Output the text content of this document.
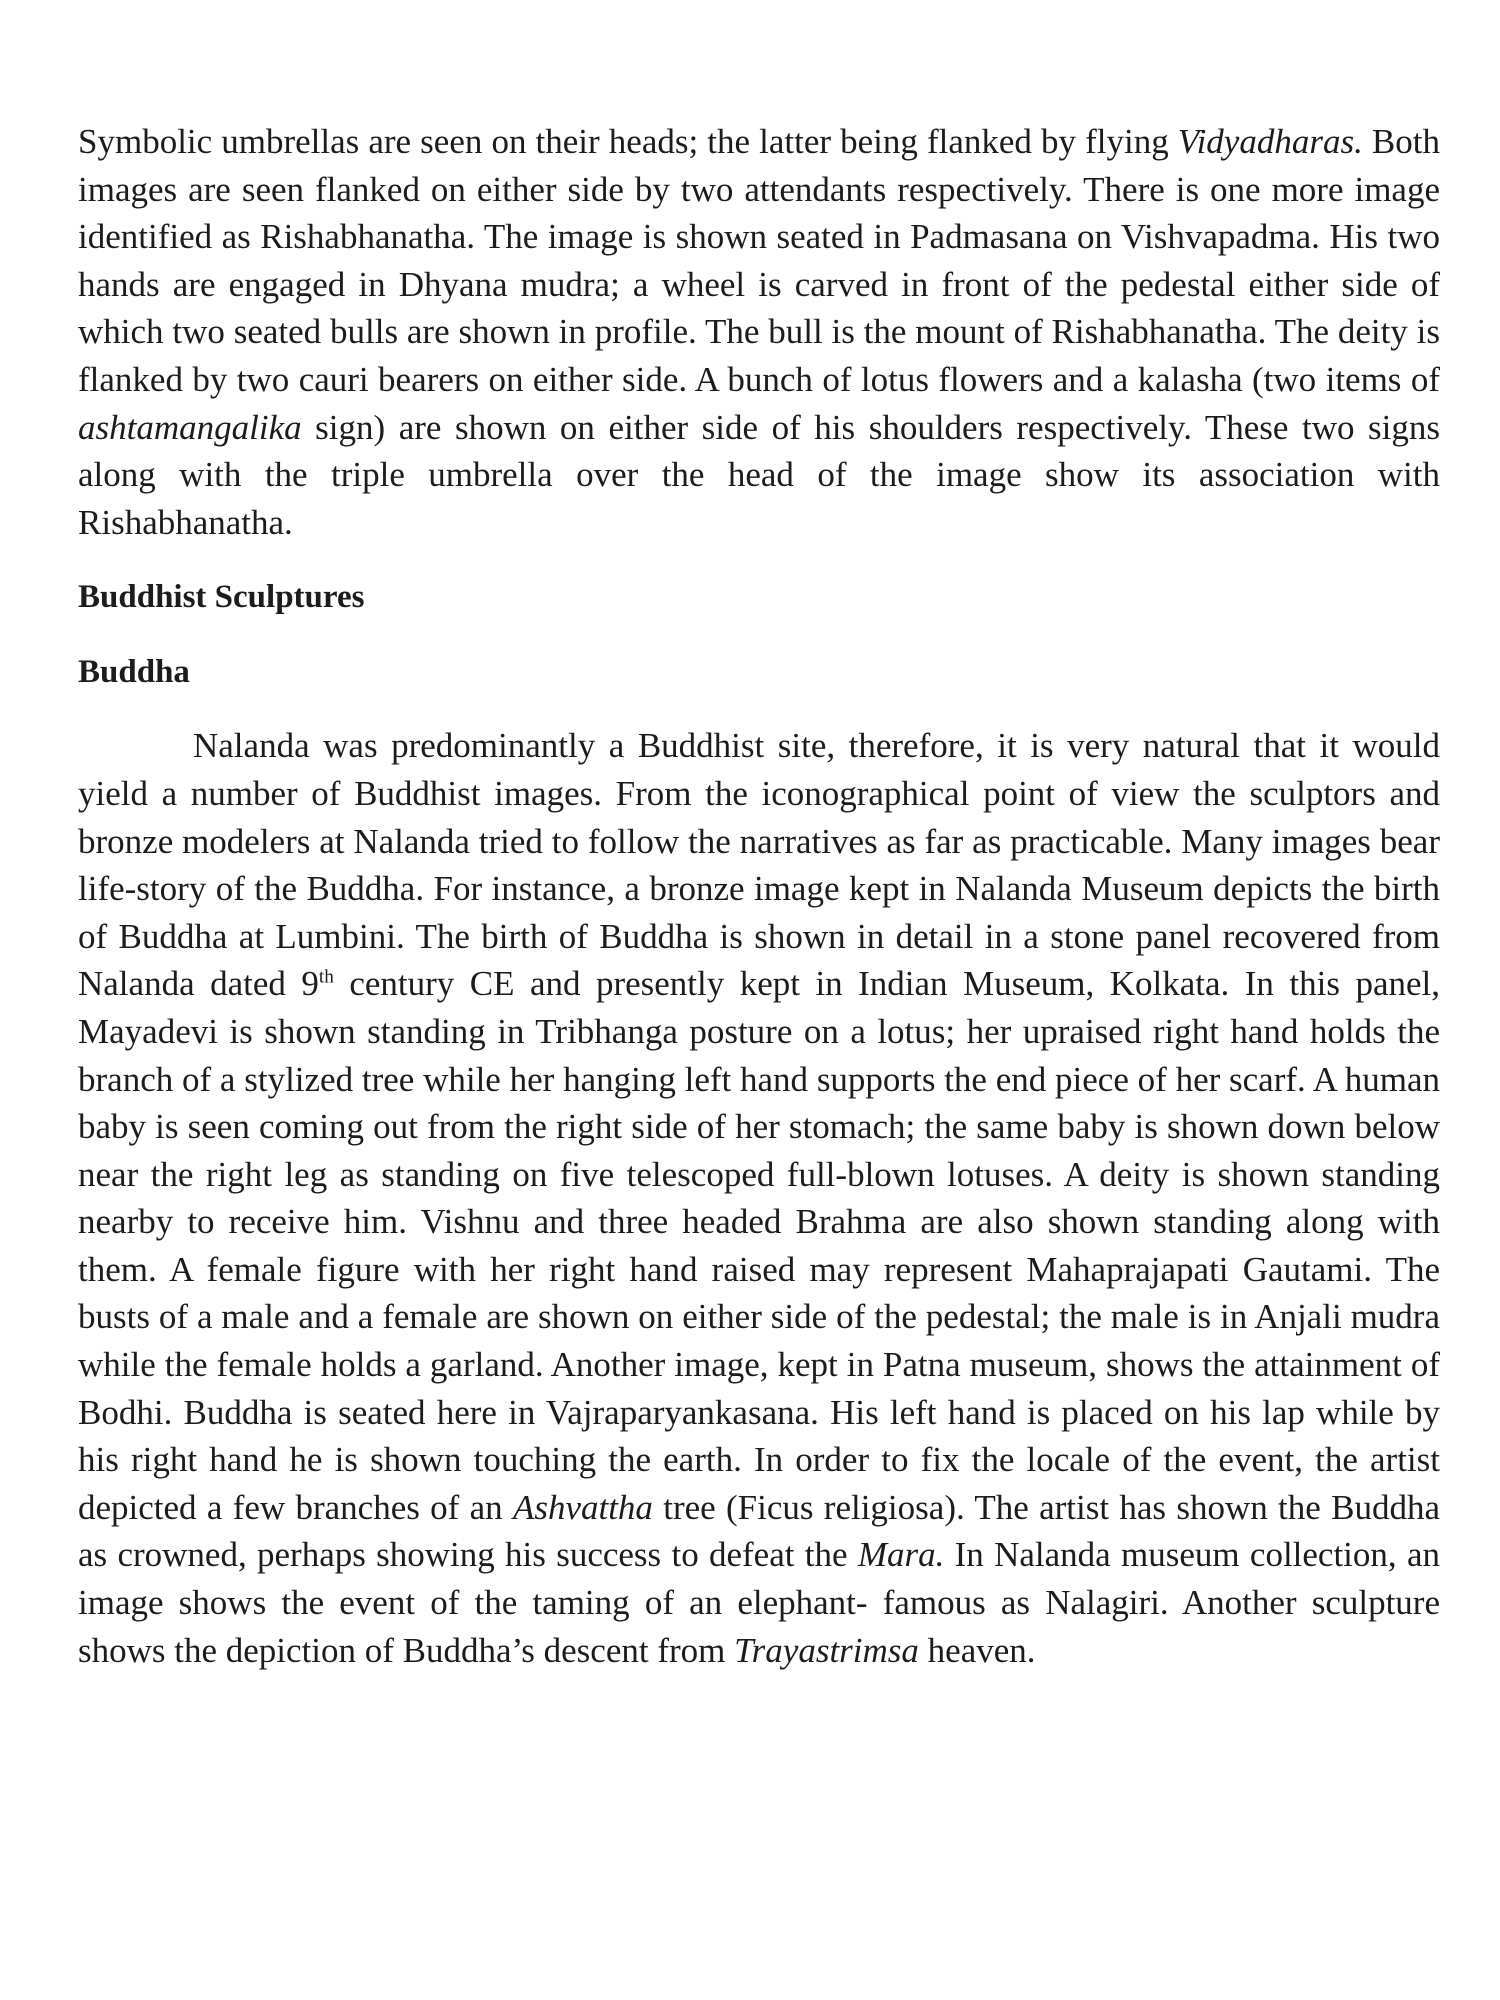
Symbolic umbrellas are seen on their heads; the latter being flanked by flying Vidyadharas. Both images are seen flanked on either side by two attendants respectively. There is one more image identified as Rishabhanatha. The image is shown seated in Padmasana on Vishvapadma. His two hands are engaged in Dhyana mudra; a wheel is carved in front of the pedestal either side of which two seated bulls are shown in profile. The bull is the mount of Rishabhanatha. The deity is flanked by two cauri bearers on either side. A bunch of lotus flowers and a kalasha (two items of ashtamangalika sign) are shown on either side of his shoulders respectively. These two signs along with the triple umbrella over the head of the image show its association with Rishabhanatha.

Buddhist Sculptures
Buddha

Nalanda was predominantly a Buddhist site, therefore, it is very natural that it would yield a number of Buddhist images. From the iconographical point of view the sculptors and bronze modelers at Nalanda tried to follow the narratives as far as practicable. Many images bear life-story of the Buddha. For instance, a bronze image kept in Nalanda Museum depicts the birth of Buddha at Lumbini. The birth of Buddha is shown in detail in a stone panel recovered from Nalanda dated 9th century CE and presently kept in Indian Museum, Kolkata. In this panel, Mayadevi is shown standing in Tribhanga posture on a lotus; her upraised right hand holds the branch of a stylized tree while her hanging left hand supports the end piece of her scarf. A human baby is seen coming out from the right side of her stomach; the same baby is shown down below near the right leg as standing on five telescoped full-blown lotuses. A deity is shown standing nearby to receive him. Vishnu and three headed Brahma are also shown standing along with them. A female figure with her right hand raised may represent Mahaprajapati Gautami. The busts of a male and a female are shown on either side of the pedestal; the male is in Anjali mudra while the female holds a garland. Another image, kept in Patna museum, shows the attainment of Bodhi. Buddha is seated here in Vajraparyankasana. His left hand is placed on his lap while by his right hand he is shown touching the earth. In order to fix the locale of the event, the artist depicted a few branches of an Ashvattha tree (Ficus religiosa). The artist has shown the Buddha as crowned, perhaps showing his success to defeat the Mara. In Nalanda museum collection, an image shows the event of the taming of an elephant- famous as Nalagiri. Another sculpture shows the depiction of Buddha’s descent from Trayastrimsa heaven.
